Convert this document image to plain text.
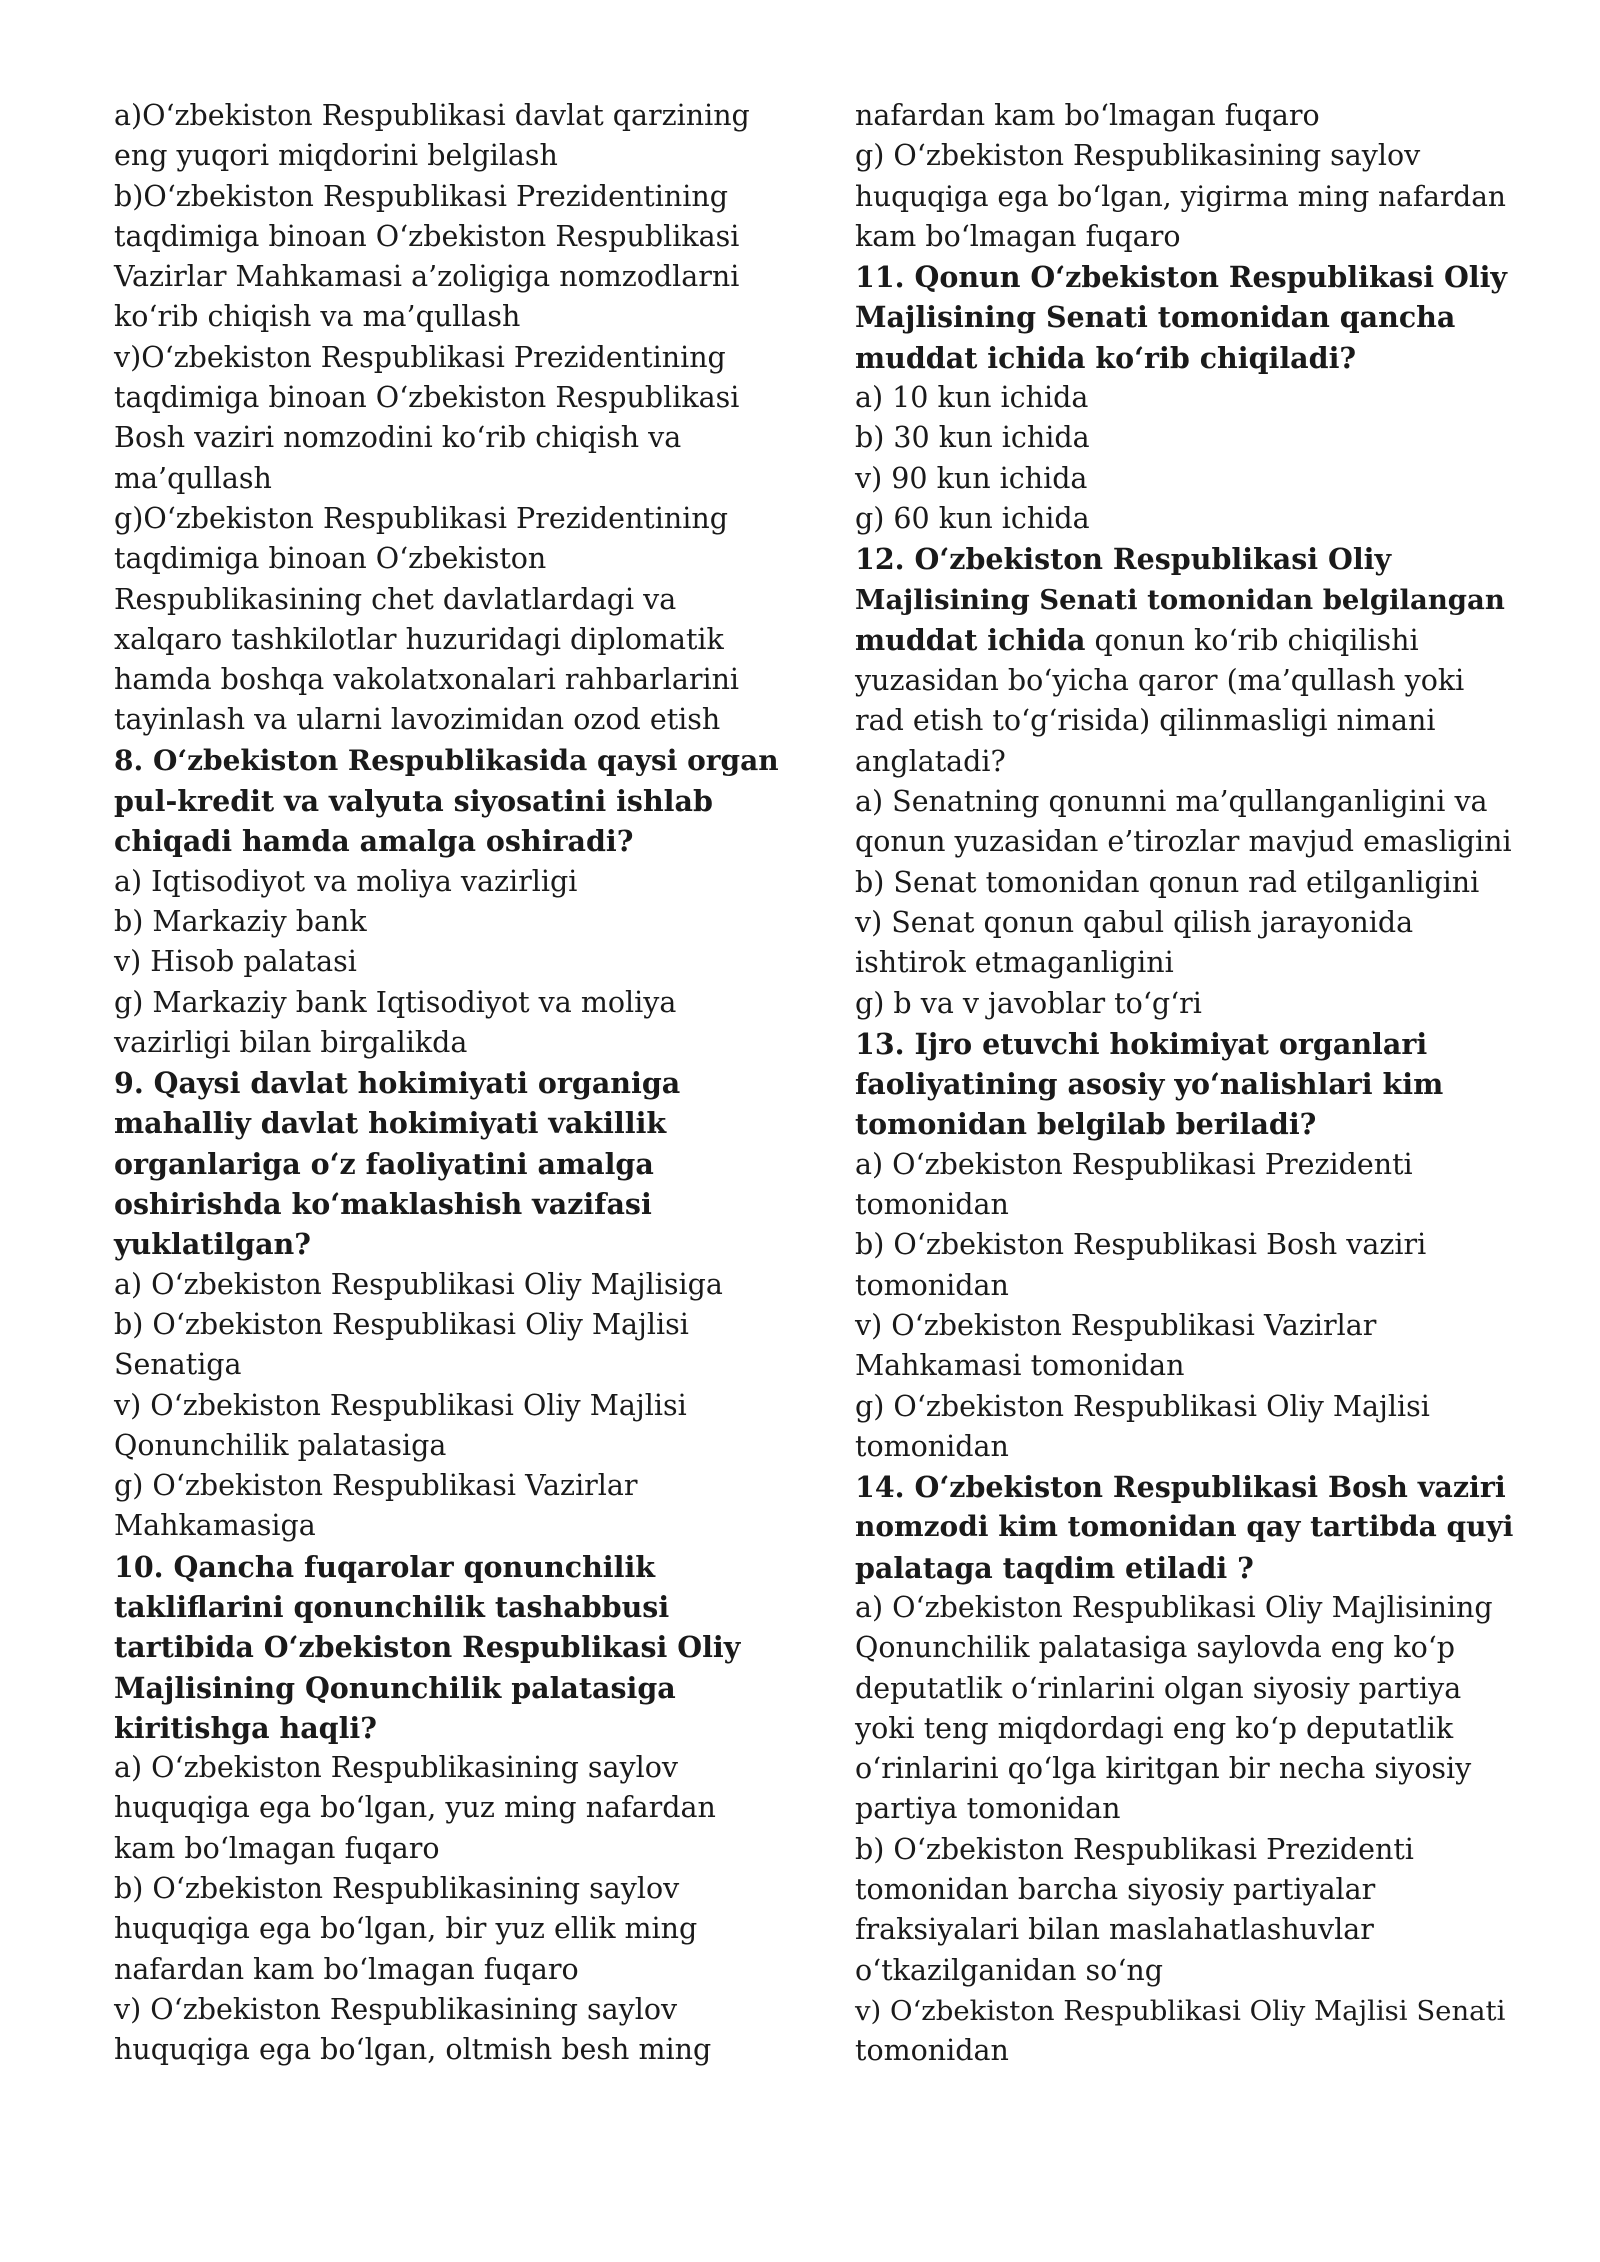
a)O‘zbekiston Respublikasi davlat qarzining
eng yuqori miqdorini belgilash
b)O‘zbekiston Respublikasi Prezidentining
taqdimiga binoan O‘zbekiston Respublikasi
Vazirlar Mahkamasi a’zoligiga nomzodlarni
ko‘rib chiqish va ma’qullash
v)O‘zbekiston Respublikasi Prezidentining
taqdimiga binoan O‘zbekiston Respublikasi
Bosh vaziri nomzodini ko‘rib chiqish va
ma’qullash
g)O‘zbekiston Respublikasi Prezidentining
taqdimiga binoan O‘zbekiston
Respublikasining chet davlatlardagi va
xalqaro tashkilotlar huzuridagi diplomatik
hamda boshqa vakolatxonalari rahbarlarini
tayinlash va ularni lavozimidan ozod etish
8. O‘zbekiston Respublikasida qaysi organ
pul-kredit va valyuta siyosatini ishlab
chiqadi hamda amalga oshiradi?
a) Iqtisodiyot va moliya vazirligi
b) Markaziy bank
v) Hisob palatasi
g) Markaziy bank Iqtisodiyot va moliya
vazirligi bilan birgalikda
9. Qaysi davlat hokimiyati organiga
mahalliy davlat hokimiyati vakillik
organlariga o‘z faoliyatini amalga
oshirishda ko‘maklashish vazifasi
yuklatilgan?
a) O‘zbekiston Respublikasi Oliy Majlisiga
b) O‘zbekiston Respublikasi Oliy Majlisi
Senatiga
v) O‘zbekiston Respublikasi Oliy Majlisi
Qonunchilik palatasiga
g) O‘zbekiston Respublikasi Vazirlar
Mahkamasiga
10. Qancha fuqarolar qonunchilik
takliflarini qonunchilik tashabbusi
tartibida O‘zbekiston Respublikasi Oliy
Majlisining Qonunchilik palatasiga
kiritishga haqli?
a) O‘zbekiston Respublikasining saylov
huquqiga ega bo‘lgan, yuz ming nafardan
kam bo‘lmagan fuqaro
b) O‘zbekiston Respublikasining saylov
huquqiga ega bo‘lgan, bir yuz ellik ming
nafardan kam bo‘lmagan fuqaro
v) O‘zbekiston Respublikasining saylov
huquqiga ega bo‘lgan, oltmish besh ming
nafardan kam bo‘lmagan fuqaro
g) O‘zbekiston Respublikasining saylov
huquqiga ega bo‘lgan, yigirma ming nafardan
kam bo‘lmagan fuqaro
11. Qonun O‘zbekiston Respublikasi Oliy
Majlisining Senati tomonidan qancha
muddat ichida ko‘rib chiqiladi?
a) 10 kun ichida
b) 30 kun ichida
v) 90 kun ichida
g) 60 kun ichida
12. O‘zbekiston Respublikasi Oliy
Majlisining Senati tomonidan belgilangan
muddat ichida qonun ko‘rib chiqilishi
yuzasidan bo‘yicha qaror (ma’qullash yoki
rad etish to‘g‘risida) qilinmasligi nimani
anglatadi?
a) Senatning qonunni ma’qullanganligini va
qonun yuzasidan e’tirozlar mavjud emasligini
b) Senat tomonidan qonun rad etilganligini
v) Senat qonun qabul qilish jarayonida
ishtirok etmaganligini
g) b va v javoblar to‘g‘ri
13. Ijro etuvchi hokimiyat organlari
faoliyatining asosiy yo‘nalishlari kim
tomonidan belgilab beriladi?
a) O‘zbekiston Respublikasi Prezidenti
tomonidan
b) O‘zbekiston Respublikasi Bosh vaziri
tomonidan
v) O‘zbekiston Respublikasi Vazirlar
Mahkamasi tomonidan
g) O‘zbekiston Respublikasi Oliy Majlisi
tomonidan
14. O‘zbekiston Respublikasi Bosh vaziri
nomzodi kim tomonidan qay tartibda quyi
palataga taqdim etiladi ?
a) O‘zbekiston Respublikasi Oliy Majlisining
Qonunchilik palatasiga saylovda eng ko‘p
deputatlik o‘rinlarini olgan siyosiy partiya
yoki teng miqdordagi eng ko‘p deputatlik
o‘rinlarini qo‘lga kiritgan bir necha siyosiy
partiya tomonidan
b) O‘zbekiston Respublikasi Prezidenti
tomonidan barcha siyosiy partiyalar
fraksiyalari bilan maslahatlashuvlar
o‘tkazilganidan so‘ng
v) O‘zbekiston Respublikasi Oliy Majlisi Senati
tomonidan
